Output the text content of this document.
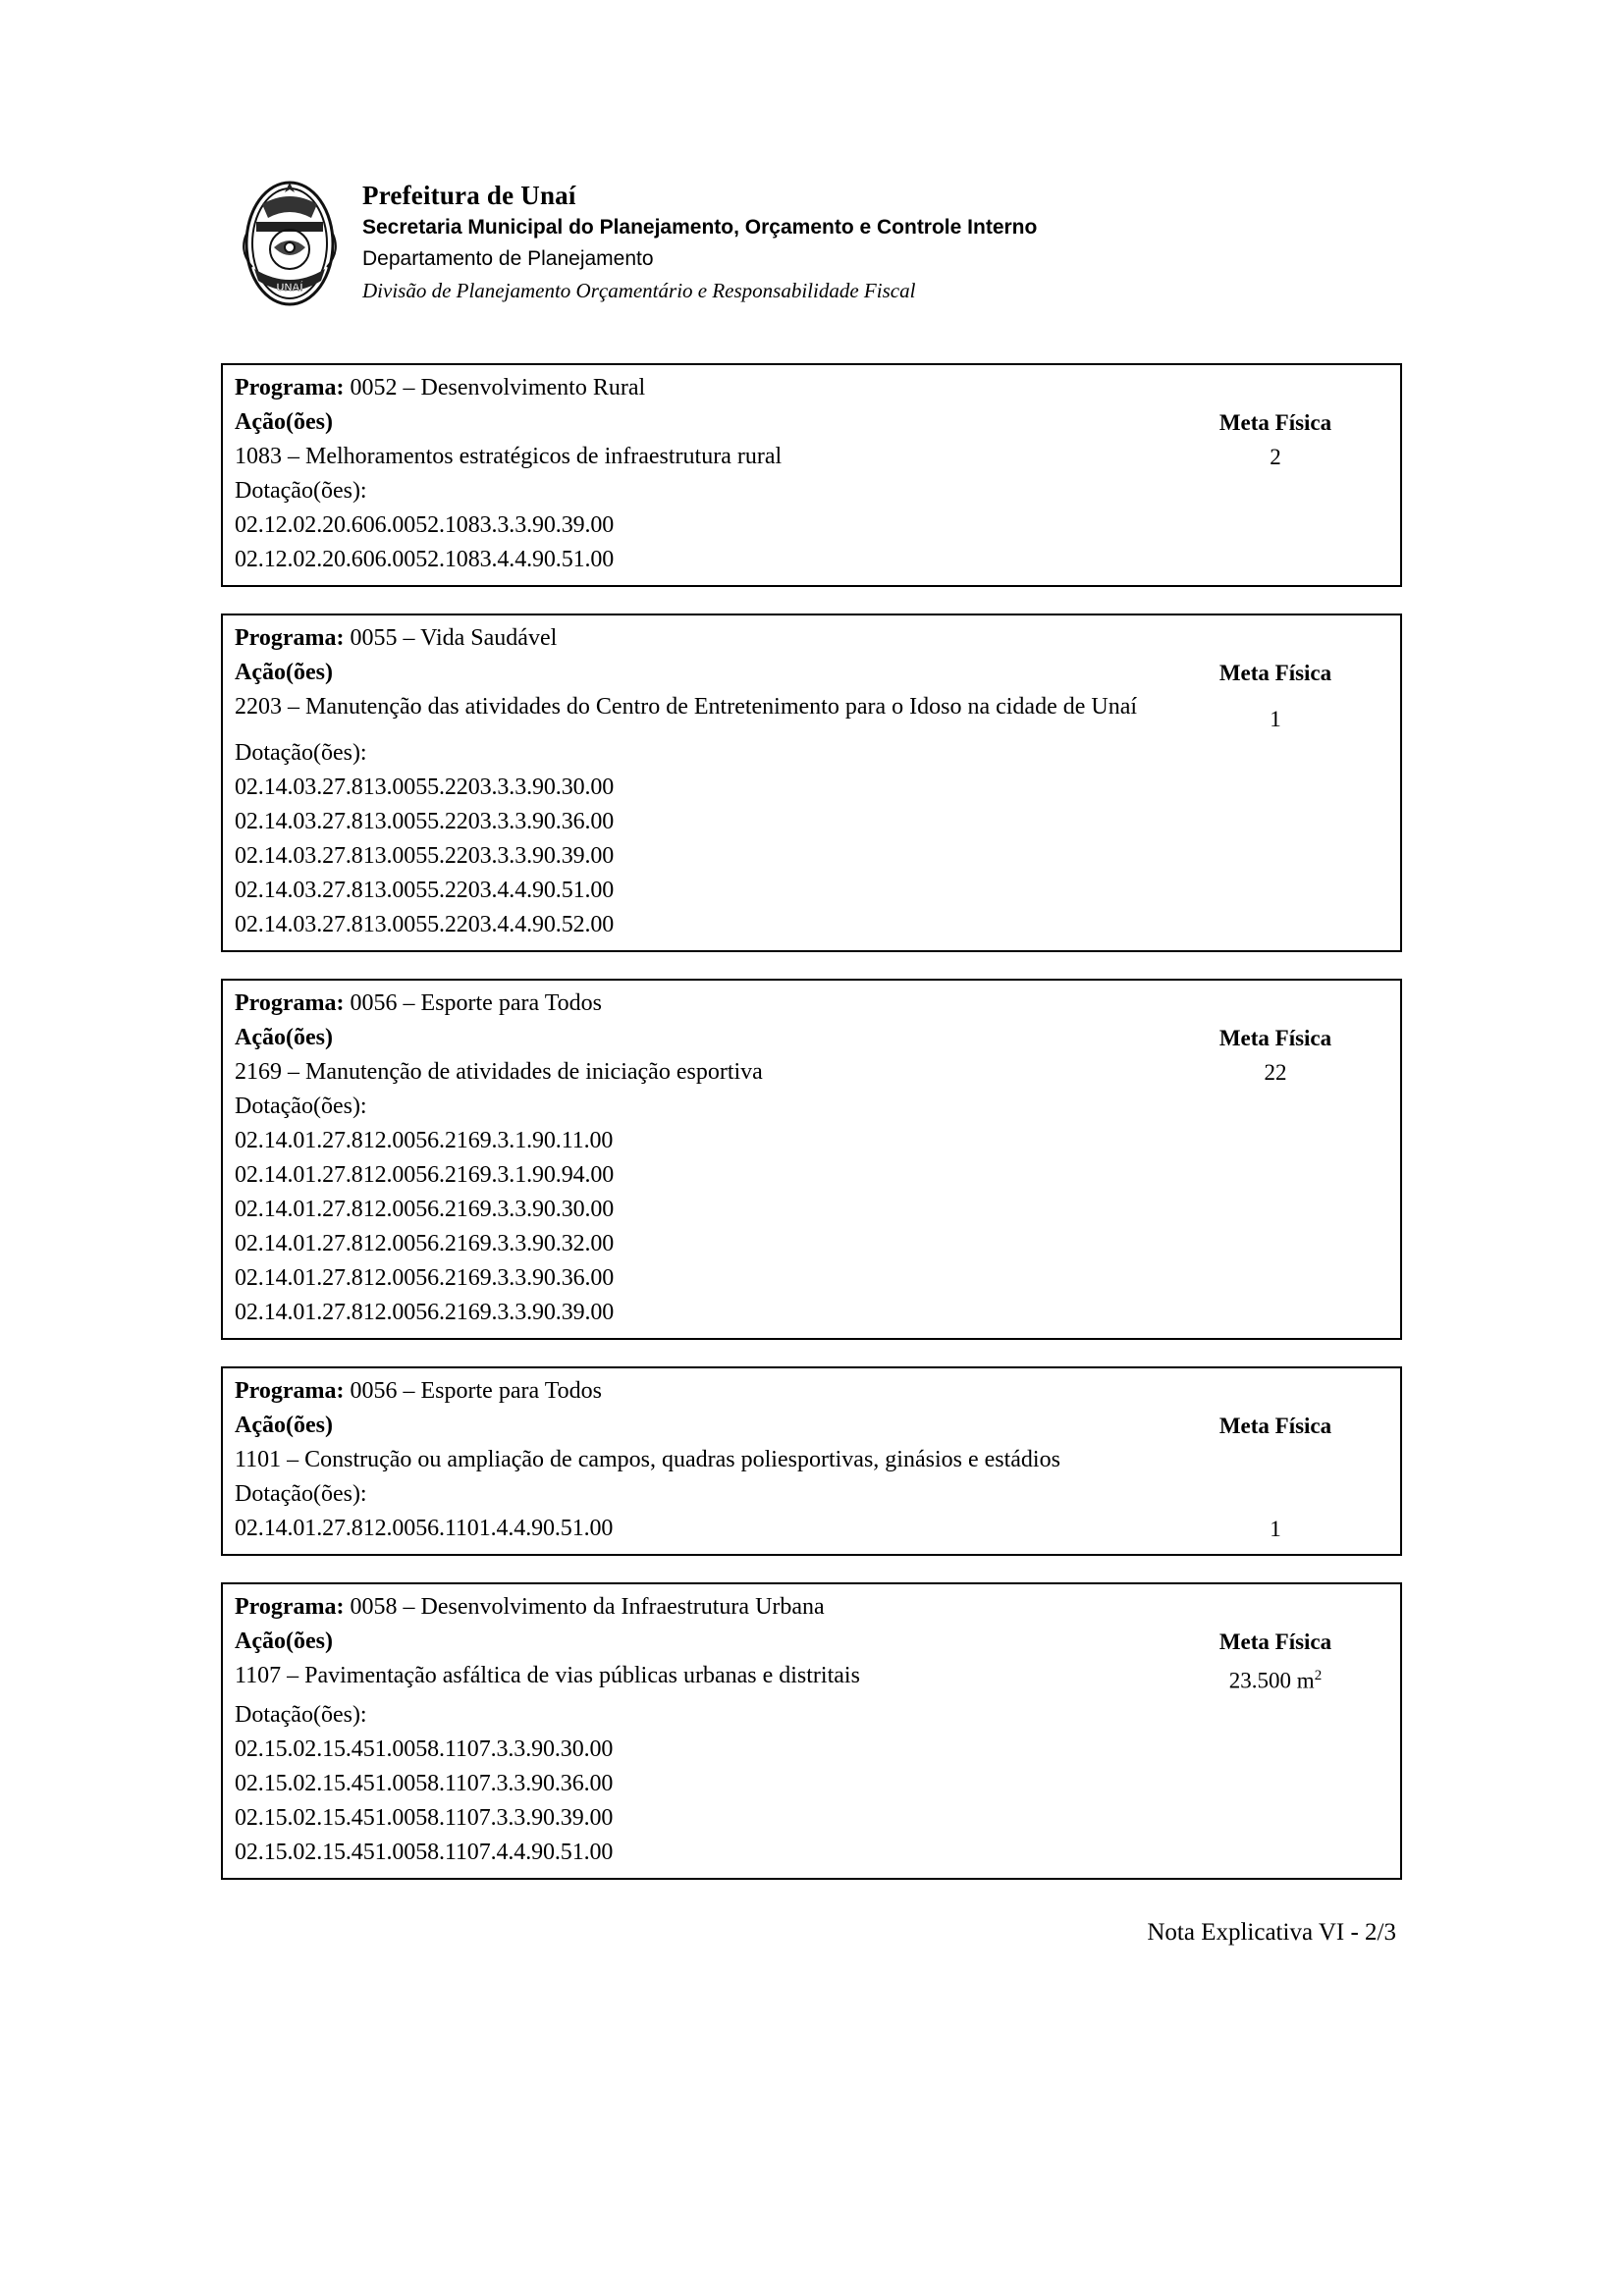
UNAÍ
Prefeitura de Unaí
Secretaria Municipal do Planejamento, Orçamento e Controle Interno
Departamento de Planejamento
Divisão de Planejamento Orçamentário e Responsabilidade Fiscal
Programa: 0052 – Desenvolvimento Rural
Ação(ões)	Meta Física
1083 – Melhoramentos estratégicos de infraestrutura rural	2
Dotação(ões):
02.12.02.20.606.0052.1083.3.3.90.39.00
02.12.02.20.606.0052.1083.4.4.90.51.00
Programa: 0055 – Vida Saudável
Ação(ões)	Meta Física
2203 – Manutenção das atividades do Centro de Entretenimento para o Idoso na cidade de Unaí	1
Dotação(ões):
02.14.03.27.813.0055.2203.3.3.90.30.00
02.14.03.27.813.0055.2203.3.3.90.36.00
02.14.03.27.813.0055.2203.3.3.90.39.00
02.14.03.27.813.0055.2203.4.4.90.51.00
02.14.03.27.813.0055.2203.4.4.90.52.00
Programa: 0056 – Esporte para Todos
Ação(ões)	Meta Física
2169 – Manutenção de atividades de iniciação esportiva	22
Dotação(ões):
02.14.01.27.812.0056.2169.3.1.90.11.00
02.14.01.27.812.0056.2169.3.1.90.94.00
02.14.01.27.812.0056.2169.3.3.90.30.00
02.14.01.27.812.0056.2169.3.3.90.32.00
02.14.01.27.812.0056.2169.3.3.90.36.00
02.14.01.27.812.0056.2169.3.3.90.39.00
Programa: 0056 – Esporte para Todos
Ação(ões)	Meta Física
1101 – Construção ou ampliação de campos, quadras poliesportivas, ginásios e estádios
Dotação(ões):
02.14.01.27.812.0056.1101.4.4.90.51.00	1
Programa: 0058 – Desenvolvimento da Infraestrutura Urbana
Ação(ões)	Meta Física
1107 – Pavimentação asfáltica de vias públicas urbanas e distritais	23.500 $m^2$
Dotação(ões):
02.15.02.15.451.0058.1107.3.3.90.30.00
02.15.02.15.451.0058.1107.3.3.90.36.00
02.15.02.15.451.0058.1107.3.3.90.39.00
02.15.02.15.451.0058.1107.4.4.90.51.00
Nota Explicativa VI - 2/3
